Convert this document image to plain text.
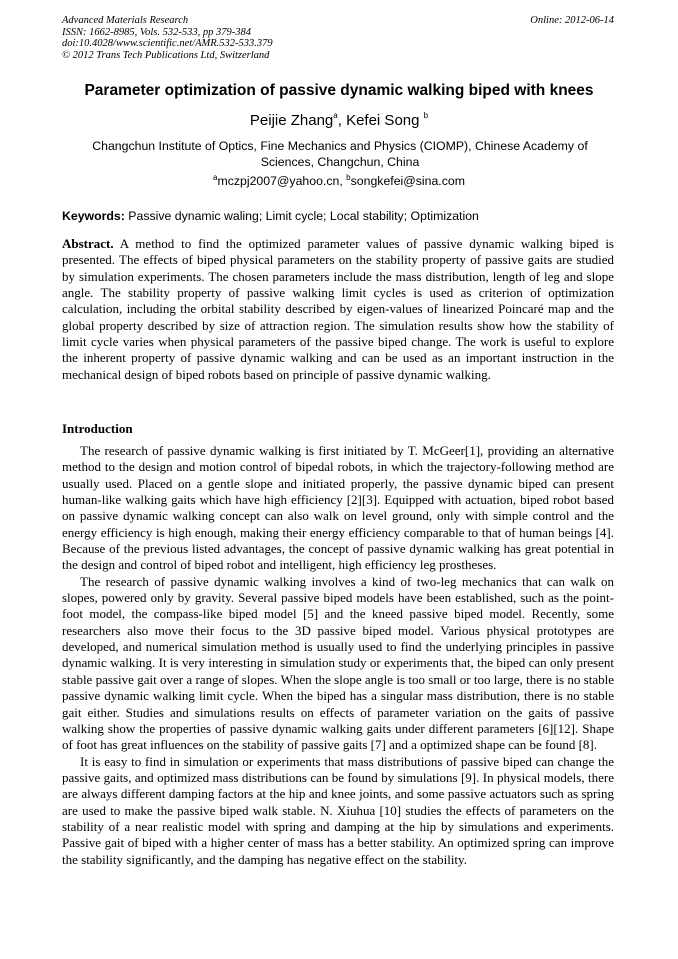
Advanced Materials Research
ISSN: 1662-8985, Vols. 532-533, pp 379-384
doi:10.4028/www.scientific.net/AMR.532-533.379
© 2012 Trans Tech Publications Ltd, Switzerland
Online: 2012-06-14
Parameter optimization of passive dynamic walking biped with knees
Peijie Zhang$^a$, Kefei Song $^b$
Changchun Institute of Optics, Fine Mechanics and Physics (CIOMP), Chinese Academy of Sciences, Changchun, China
$^a$mczpj2007@yahoo.cn, $^b$songkefei@sina.com
Keywords: Passive dynamic waling; Limit cycle; Local stability; Optimization

Abstract. A method to find the optimized parameter values of passive dynamic walking biped is presented. The effects of biped physical parameters on the stability property of passive gaits are studied by simulation experiments. The chosen parameters include the mass distribution, length of leg and slope angle. The stability property of passive walking limit cycles is used as criterion of optimization calculation, including the orbital stability described by eigen-values of linearized Poincaré map and the global property described by size of attraction region. The simulation results show how the stability of limit cycle varies when physical parameters of the passive biped change. The work is useful to explore the inherent property of passive dynamic walking and can be used as an important instruction in the mechanical design of biped robots based on principle of passive dynamic walking.

Introduction

The research of passive dynamic walking is first initiated by T. McGeer[1], providing an alternative method to the design and motion control of bipedal robots, in which the trajectory-following method are usually used. Placed on a gentle slope and initiated properly, the passive dynamic biped can present human-like walking gaits which have high efficiency [2][3]. Equipped with actuation, biped robot based on passive dynamic walking concept can also walk on level ground, only with simple control and the energy efficiency is high enough, making their energy efficiency comparable to that of human beings [4]. Because of the previous listed advantages, the concept of passive dynamic walking has great potential in the design and control of biped robot and intelligent, high efficiency leg prostheses.

The research of passive dynamic walking involves a kind of two-leg mechanics that can walk on slopes, powered only by gravity. Several passive biped models have been established, such as the point-foot model, the compass-like biped model [5] and the kneed passive biped model. Recently, some researchers also move their focus to the 3D passive biped model. Various physical prototypes are developed, and numerical simulation method is usually used to find the underlying principles in passive dynamic walking. It is very interesting in simulation study or experiments that, the biped can only present stable passive gait over a range of slopes. When the slope angle is too small or too large, there is no stable passive dynamic walking limit cycle. When the biped has a singular mass distribution, there is no stable gait either. Studies and simulations results on effects of parameter variation on the gaits of passive walking show the properties of passive dynamic walking gaits under different parameters [6][12]. Shape of foot has great influences on the stability of passive gaits [7] and a optimized shape can be found [8].

It is easy to find in simulation or experiments that mass distributions of passive biped can change the passive gaits, and optimized mass distributions can be found by simulations [9]. In physical models, there are always different damping factors at the hip and knee joints, and some passive actuators such as spring are used to make the passive biped walk stable. N. Xiuhua [10] studies the effects of parameters on the stability of a near realistic model with spring and damping at the hip by simulations and experiments. Passive gait of biped with a higher center of mass has a better stability. An optimized spring can improve the stability significantly, and the damping has negative effect on the stability.
